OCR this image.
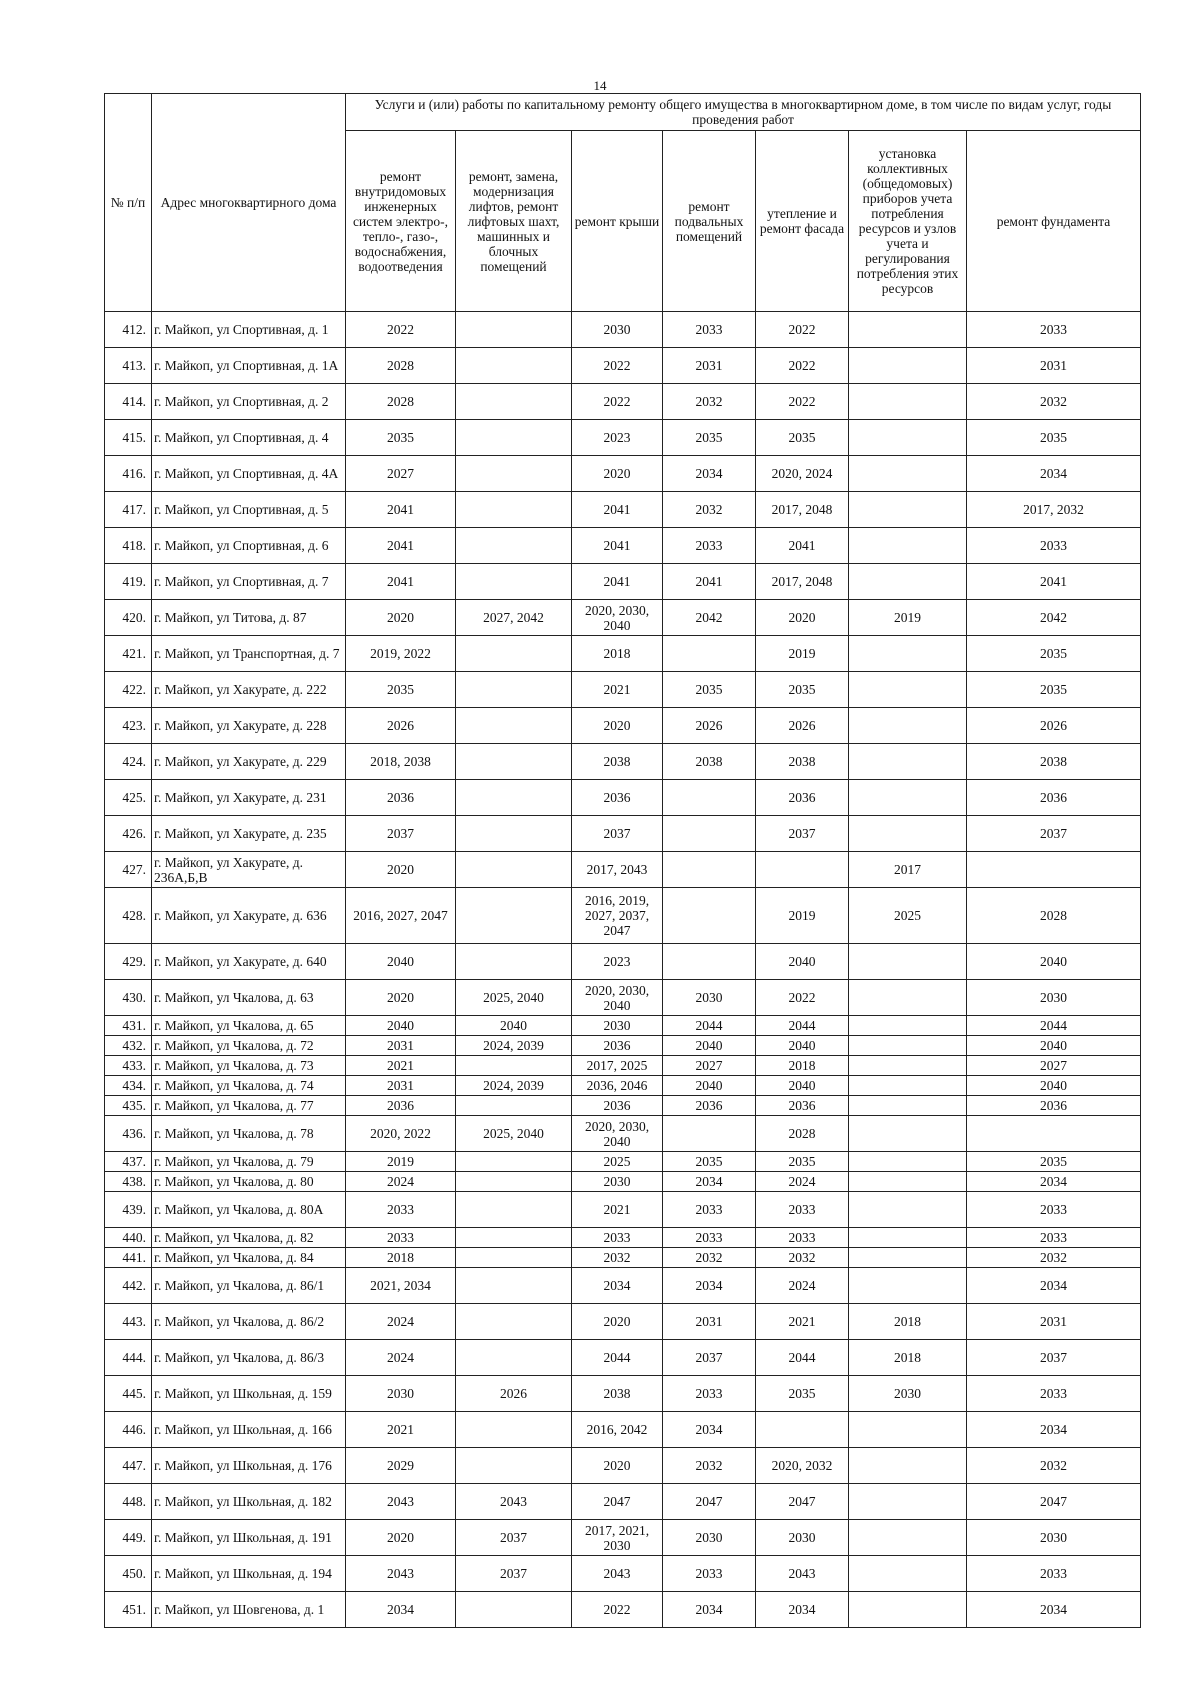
14
№ п/п	Адрес многоквартирного дома	Услуги и (или) работы по капитальному ремонту общего имущества в многоквартирном доме, в том числе по видам услуг, годы проведения работ						
		ремонт внутридомовых инженерных систем электро-, тепло-, газо-, водоснабжения, водоотведения	ремонт, замена, модернизация лифтов, ремонт лифтовых шахт, машинных и блочных помещений	ремонт крыши	ремонт подвальных помещений	утепление и ремонт фасада	установка коллективных (общедомовых) приборов учета потребления ресурсов и узлов учета и регулирования потребления этих ресурсов	ремонт фундамента
412.	г. Майкоп, ул Спортивная, д. 1	2022		2030	2033	2022		2033
413.	г. Майкоп, ул Спортивная, д. 1А	2028		2022	2031	2022		2031
414.	г. Майкоп, ул Спортивная, д. 2	2028		2022	2032	2022		2032
415.	г. Майкоп, ул Спортивная, д. 4	2035		2023	2035	2035		2035
416.	г. Майкоп, ул Спортивная, д. 4А	2027		2020	2034	2020, 2024		2034
417.	г. Майкоп, ул Спортивная, д. 5	2041		2041	2032	2017, 2048		2017, 2032
418.	г. Майкоп, ул Спортивная, д. 6	2041		2041	2033	2041		2033
419.	г. Майкоп, ул Спортивная, д. 7	2041		2041	2041	2017, 2048		2041
420.	г. Майкоп, ул Титова, д. 87	2020	2027, 2042	2020, 2030, 2040	2042	2020	2019	2042
421.	г. Майкоп, ул Транспортная, д. 7	2019, 2022		2018		2019		2035
422.	г. Майкоп, ул Хакурате, д. 222	2035		2021	2035	2035		2035
423.	г. Майкоп, ул Хакурате, д. 228	2026		2020	2026	2026		2026
424.	г. Майкоп, ул Хакурате, д. 229	2018, 2038		2038	2038	2038		2038
425.	г. Майкоп, ул Хакурате, д. 231	2036		2036		2036		2036
426.	г. Майкоп, ул Хакурате, д. 235	2037		2037		2037		2037
427.	г. Майкоп, ул Хакурате, д. 236А,Б,В	2020		2017, 2043			2017	
428.	г. Майкоп, ул Хакурате, д. 636	2016, 2027, 2047		2016, 2019, 2027, 2037, 2047		2019	2025	2028
429.	г. Майкоп, ул Хакурате, д. 640	2040		2023		2040		2040
430.	г. Майкоп, ул Чкалова, д. 63	2020	2025, 2040	2020, 2030, 2040	2030	2022		2030
431.	г. Майкоп, ул Чкалова, д. 65	2040	2040	2030	2044	2044		2044
432.	г. Майкоп, ул Чкалова, д. 72	2031	2024, 2039	2036	2040	2040		2040
433.	г. Майкоп, ул Чкалова, д. 73	2021		2017, 2025	2027	2018		2027
434.	г. Майкоп, ул Чкалова, д. 74	2031	2024, 2039	2036, 2046	2040	2040		2040
435.	г. Майкоп, ул Чкалова, д. 77	2036		2036	2036	2036		2036
436.	г. Майкоп, ул Чкалова, д. 78	2020, 2022	2025, 2040	2020, 2030, 2040		2028		
437.	г. Майкоп, ул Чкалова, д. 79	2019		2025	2035	2035		2035
438.	г. Майкоп, ул Чкалова, д. 80	2024		2030	2034	2024		2034
439.	г. Майкоп, ул Чкалова, д. 80А	2033		2021	2033	2033		2033
440.	г. Майкоп, ул Чкалова, д. 82	2033		2033	2033	2033		2033
441.	г. Майкоп, ул Чкалова, д. 84	2018		2032	2032	2032		2032
442.	г. Майкоп, ул Чкалова, д. 86/1	2021, 2034		2034	2034	2024		2034
443.	г. Майкоп, ул Чкалова, д. 86/2	2024		2020	2031	2021	2018	2031
444.	г. Майкоп, ул Чкалова, д. 86/3	2024		2044	2037	2044	2018	2037
445.	г. Майкоп, ул Школьная, д. 159	2030	2026	2038	2033	2035	2030	2033
446.	г. Майкоп, ул Школьная, д. 166	2021		2016, 2042	2034			2034
447.	г. Майкоп, ул Школьная, д. 176	2029		2020	2032	2020, 2032		2032
448.	г. Майкоп, ул Школьная, д. 182	2043	2043	2047	2047	2047		2047
449.	г. Майкоп, ул Школьная, д. 191	2020	2037	2017, 2021, 2030	2030	2030		2030
450.	г. Майкоп, ул Школьная, д. 194	2043	2037	2043	2033	2043		2033
451.	г. Майкоп, ул Шовгенова, д. 1	2034		2022	2034	2034		2034
